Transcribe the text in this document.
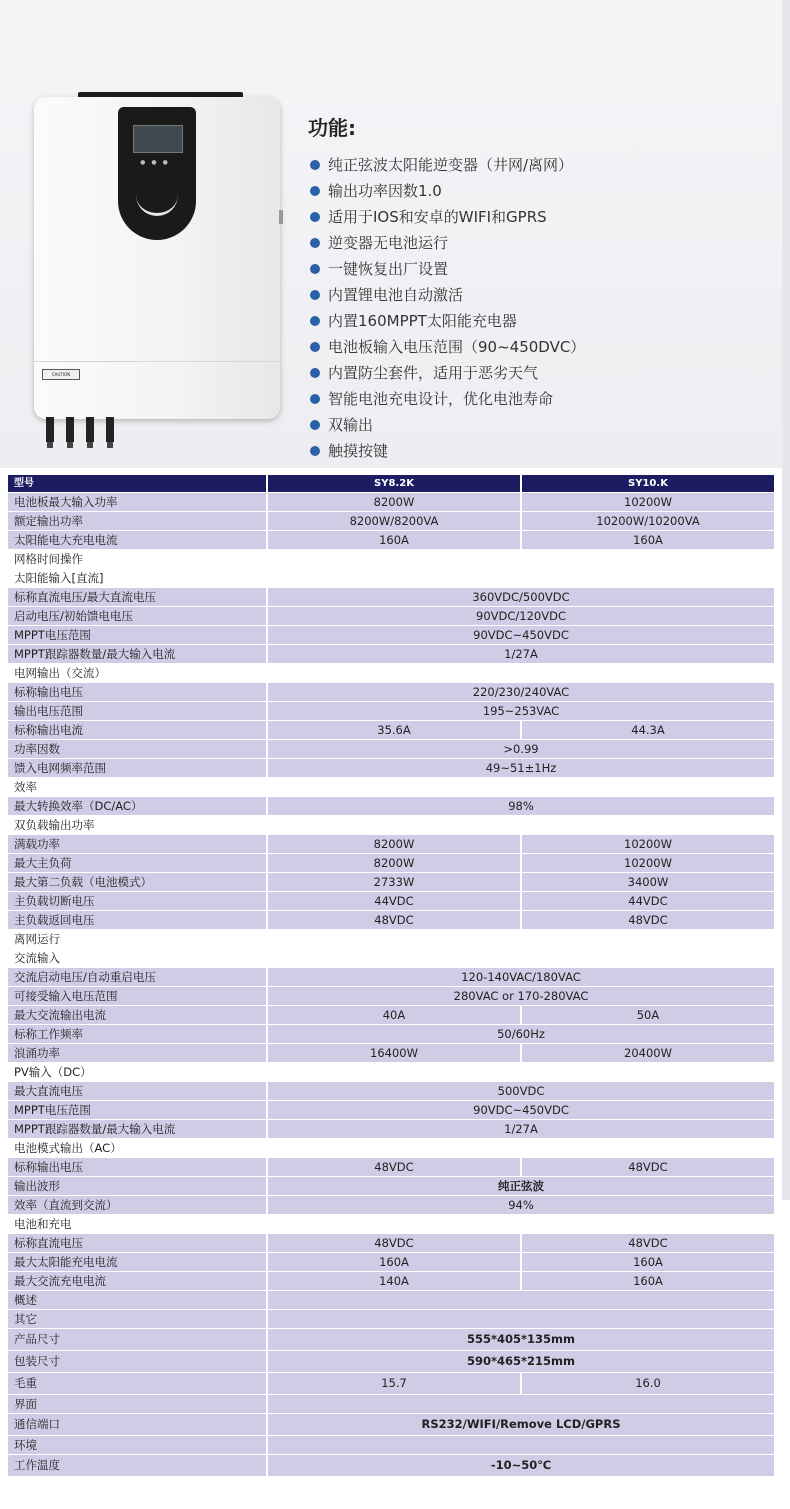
●●●
CAUTION
功能:
纯正弦波太阳能逆变器（井网/离网）
输出功率因数1.0
适用于IOS和安卓的WIFI和GPRS
逆变器无电池运行
一键恢复出厂设置
内置锂电池自动激活
内置160MPPT太阳能充电器
电池板输入电压范围（90~450DVC）
内置防尘套件，适用于恶劣天气
智能电池充电设计，优化电池寿命
双输出
触摸按键
型号	SY8.2K	SY10.K
电池板最大输入功率	8200W	10200W
额定输出功率	8200W/8200VA	10200W/10200VA
太阳能电大充电电流	160A	160A
网格时间操作		
太阳能输入[直流]		
标称直流电压/最大直流电压	360VDC/500VDC	
启动电压/初始馈电电压	90VDC/120VDC	
MPPT电压范围	90VDC~450VDC	
MPPT跟踪器数量/最大输入电流	1/27A	
电网输出（交流）		
标称输出电压	220/230/240VAC	
输出电压范围	195~253VAC	
标称输出电流	35.6A	44.3A
功率因数	>0.99	
馈入电网频率范围	49~51±1Hz	
效率		
最大转换效率（DC/AC）	98%	
双负载输出功率		
满载功率	8200W	10200W
最大主负荷	8200W	10200W
最大第二负载（电池模式）	2733W	3400W
主负载切断电压	44VDC	44VDC
主负载返回电压	48VDC	48VDC
离网运行		
交流输入		
交流启动电压/自动重启电压	120-140VAC/180VAC	
可接受输入电压范围	280VAC or 170-280VAC	
最大交流输出电流	40A	50A
标称工作频率	50/60Hz	
浪涌功率	16400W	20400W
PV输入（DC）		
最大直流电压	500VDC	
MPPT电压范围	90VDC~450VDC	
MPPT跟踪器数量/最大输入电流	1/27A	
电池模式输出（AC）		
标称输出电压	48VDC	48VDC
输出波形	纯正弦波	
效率（直流到交流）	94%	
电池和充电		
标称直流电压	48VDC	48VDC
最大太阳能充电电流	160A	160A
最大交流充电电流	140A	160A
概述		
其它		
产品尺寸	555*405*135mm	
包装尺寸	590*465*215mm	
毛重	15.7	16.0
界面		
通信端口	RS232/WIFI/Remove LCD/GPRS	
环境		
工作温度	-10~50℃	
